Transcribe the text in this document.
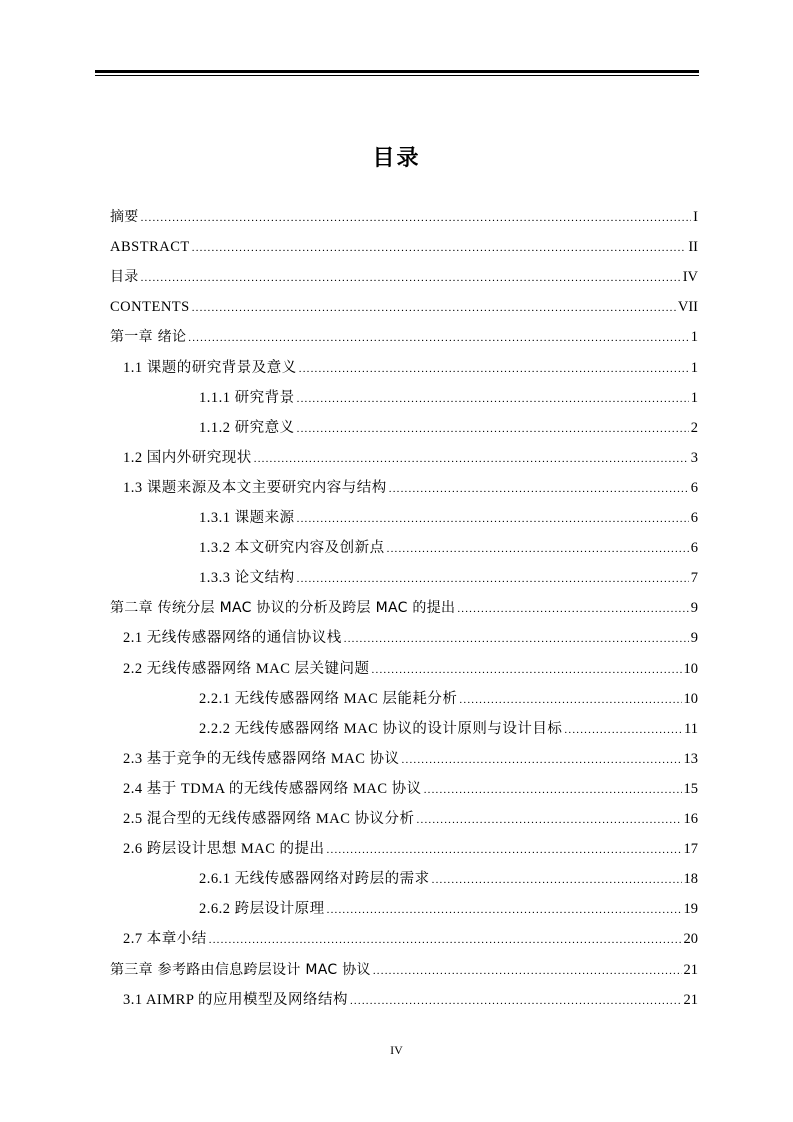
目录
摘要 .....	I
ABSTRACT .....	II
目录 .....	IV
CONTENTS .....	VII
第一章 绪论 .....	1
1.1 课题的研究背景及意义 .....	1
1.1.1 研究背景 .....	1
1.1.2 研究意义 .....	2
1.2 国内外研究现状 .....	3
1.3 课题来源及本文主要研究内容与结构 .....	6
1.3.1 课题来源 .....	6
1.3.2 本文研究内容及创新点 .....	6
1.3.3 论文结构 .....	7
第二章 传统分层 MAC 协议的分析及跨层 MAC 的提出 .....	9
2.1 无线传感器网络的通信协议栈 .....	9
2.2 无线传感器网络 MAC 层关键问题 .....	10
2.2.1 无线传感器网络 MAC 层能耗分析 .....	10
2.2.2 无线传感器网络 MAC 协议的设计原则与设计目标 .....	11
2.3 基于竞争的无线传感器网络 MAC 协议 .....	13
2.4 基于 TDMA 的无线传感器网络 MAC 协议 .....	15
2.5 混合型的无线传感器网络 MAC 协议分析 .....	16
2.6 跨层设计思想 MAC 的提出 .....	17
2.6.1 无线传感器网络对跨层的需求 .....	18
2.6.2 跨层设计原理 .....	19
2.7 本章小结 .....	20
第三章 参考路由信息跨层设计 MAC 协议 .....	21
3.1 AIMRP 的应用模型及网络结构 .....	21
IV
